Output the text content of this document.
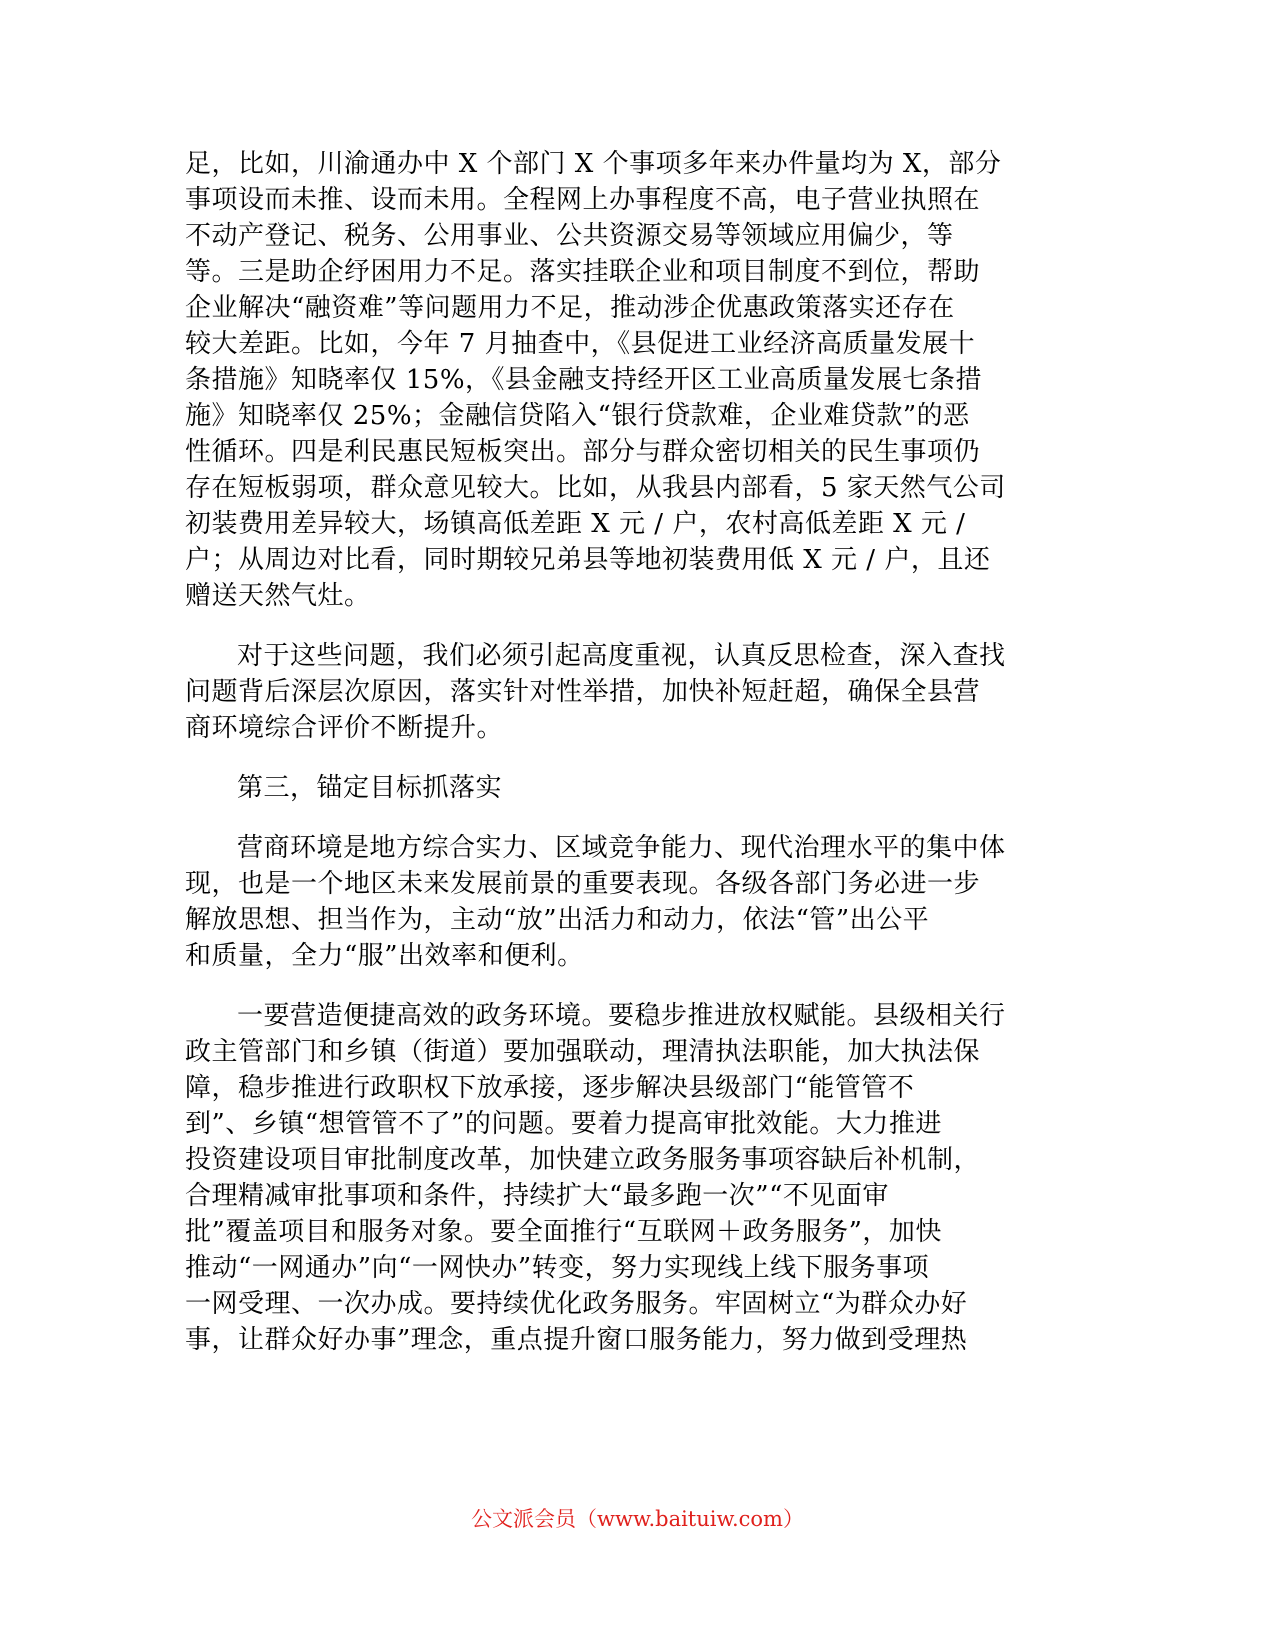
足，比如，川渝通办中 X 个部门 X 个事项多年来办件量均为 X，部分
事项设而未推、设而未用。全程网上办事程度不高，电子营业执照在
不动产登记、税务、公用事业、公共资源交易等领域应用偏少，等
等。三是助企纾困用力不足。落实挂联企业和项目制度不到位，帮助
企业解决“融资难”等问题用力不足，推动涉企优惠政策落实还存在
较大差距。比如，今年 7 月抽查中，《县促进工业经济高质量发展十
条措施》知晓率仅 15%，《县金融支持经开区工业高质量发展七条措
施》知晓率仅 25%；金融信贷陷入“银行贷款难，企业难贷款”的恶
性循环。四是利民惠民短板突出。部分与群众密切相关的民生事项仍
存在短板弱项，群众意见较大。比如，从我县内部看，5 家天然气公司
初装费用差异较大，场镇高低差距 X 元 / 户，农村高低差距 X 元 /
户；从周边对比看，同时期较兄弟县等地初装费用低 X 元 / 户，且还
赠送天然气灶。
对于这些问题，我们必须引起高度重视，认真反思检查，深入查找
问题背后深层次原因，落实针对性举措，加快补短赶超，确保全县营
商环境综合评价不断提升。
第三，锚定目标抓落实
营商环境是地方综合实力、区域竞争能力、现代治理水平的集中体
现，也是一个地区未来发展前景的重要表现。各级各部门务必进一步
解放思想、担当作为，主动“放”出活力和动力，依法“管”出公平
和质量，全力“服”出效率和便利。
一要营造便捷高效的政务环境。要稳步推进放权赋能。县级相关行
政主管部门和乡镇（街道）要加强联动，理清执法职能，加大执法保
障，稳步推进行政职权下放承接，逐步解决县级部门“能管管不
到”、乡镇“想管管不了”的问题。要着力提高审批效能。大力推进
投资建设项目审批制度改革，加快建立政务服务事项容缺后补机制，
合理精减审批事项和条件，持续扩大“最多跑一次”“不见面审
批”覆盖项目和服务对象。要全面推行“互联网＋政务服务”，加快
推动“一网通办”向“一网快办”转变，努力实现线上线下服务事项
一网受理、一次办成。要持续优化政务服务。牢固树立“为群众办好
事，让群众好办事”理念，重点提升窗口服务能力，努力做到受理热
公文派会员（www.baituiw.com）
